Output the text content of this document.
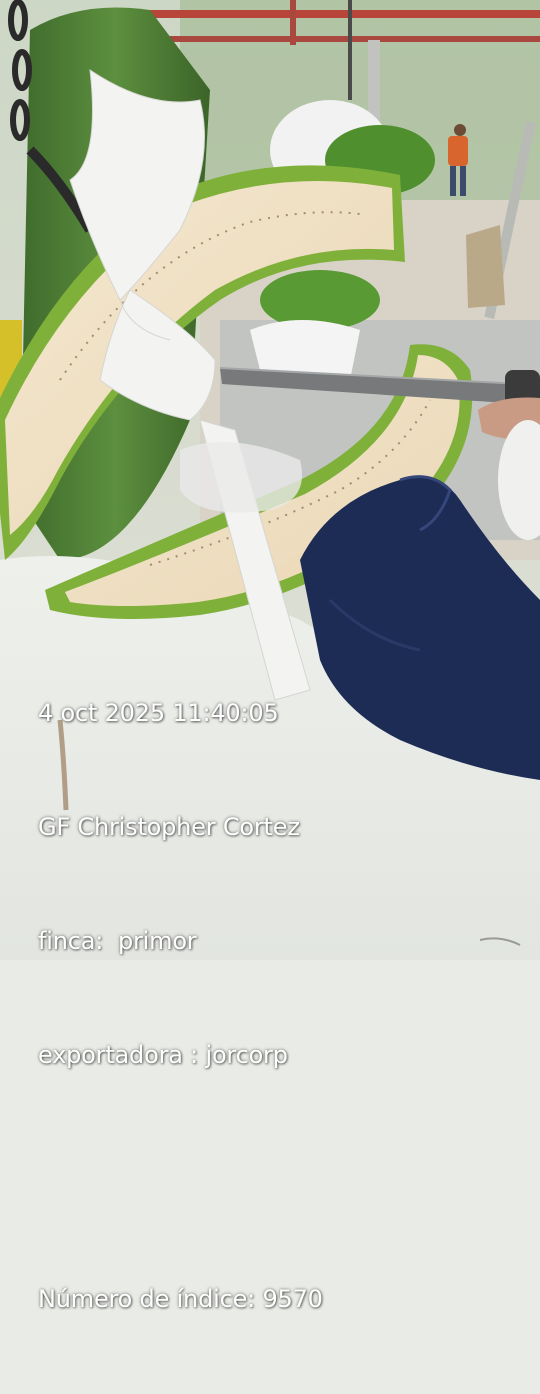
4 oct 2025 11:40:05

GF Christopher Cortez

finca:  primor

exportadora : jorcorp

Número de índice: 9570
